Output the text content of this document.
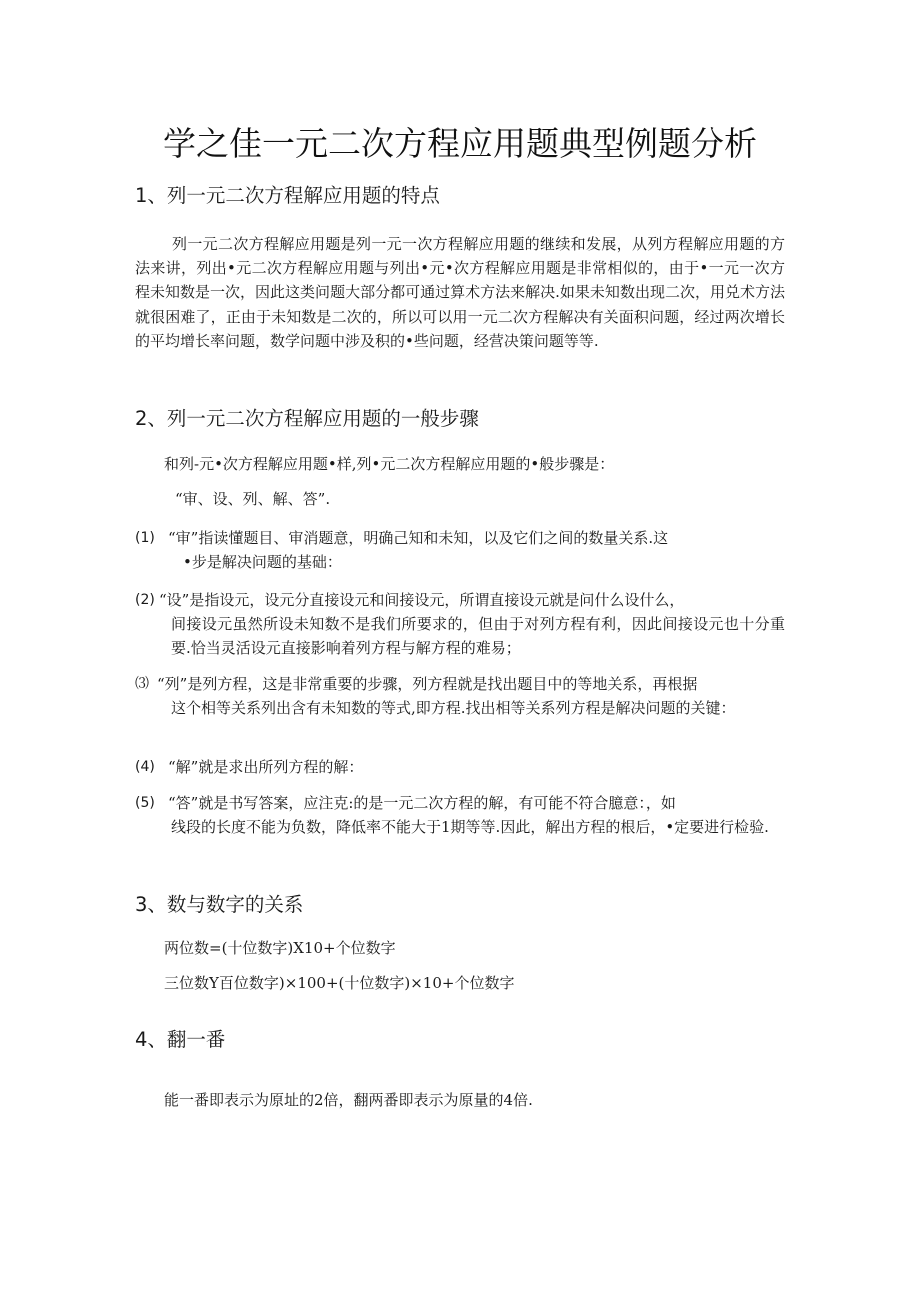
学之佳一元二次方程应用题典型例题分析
1、列一元二次方程解应用题的特点
列一元二次方程解应用题是列一元一次方程解应用题的继续和发展，从列方程解应用题的方法来讲，列出•元二次方程解应用题与列出•元•次方程解应用题是非常相似的，由于•一元一次方程未知数是一次，因此这类问题大部分都可通过算术方法来解决.如果未知数出现二次，用兑术方法就很困难了，正由于未知数是二次的，所以可以用一元二次方程解决有关面积问题，经过两次增长的平均增长率问题，数学问题中涉及积的•些问题，经营决策问题等等.
2、列一元二次方程解应用题的一般步骤
和列-元•次方程解应用题•样,列•元二次方程解应用题的•般步骤是：
“审、设、列、解、答”.
(1) “审”指读懂题目、审消题意，明确己知和未知，以及它们之间的数量关系.这
•步是解决问题的基础：
(2) “设”是指设元，设元分直接设元和间接设元，所谓直接设元就是问什么设什么，
间接设元虽然所设未知数不是我们所要求的，但由于对列方程有利，因此间接设元也十分重要.恰当灵活设元直接影响着列方程与解方程的难易；
⑶ “列”是列方程，这是非常重要的步骤，列方程就是找出题目中的等地关系，再根据
这个相等关系列出含有未知数的等式,即方程.找出相等关系列方程是解决问题的关键：
(4) “解”就是求出所列方程的解：
(5) “答”就是书写答案，应注克:的是一元二次方程的解，有可能不符合臆意：，如
线段的长度不能为负数，降低率不能大于1期等等.因此，解出方程的根后，•定要进行检验.
3、数与数字的关系
两位数=(十位数字)X10+个位数字
三位数Y百位数字)×100+(十位数字)×10+个位数字
4、翻一番
能一番即表示为原址的2倍，翻两番即表示为原量的4倍.
